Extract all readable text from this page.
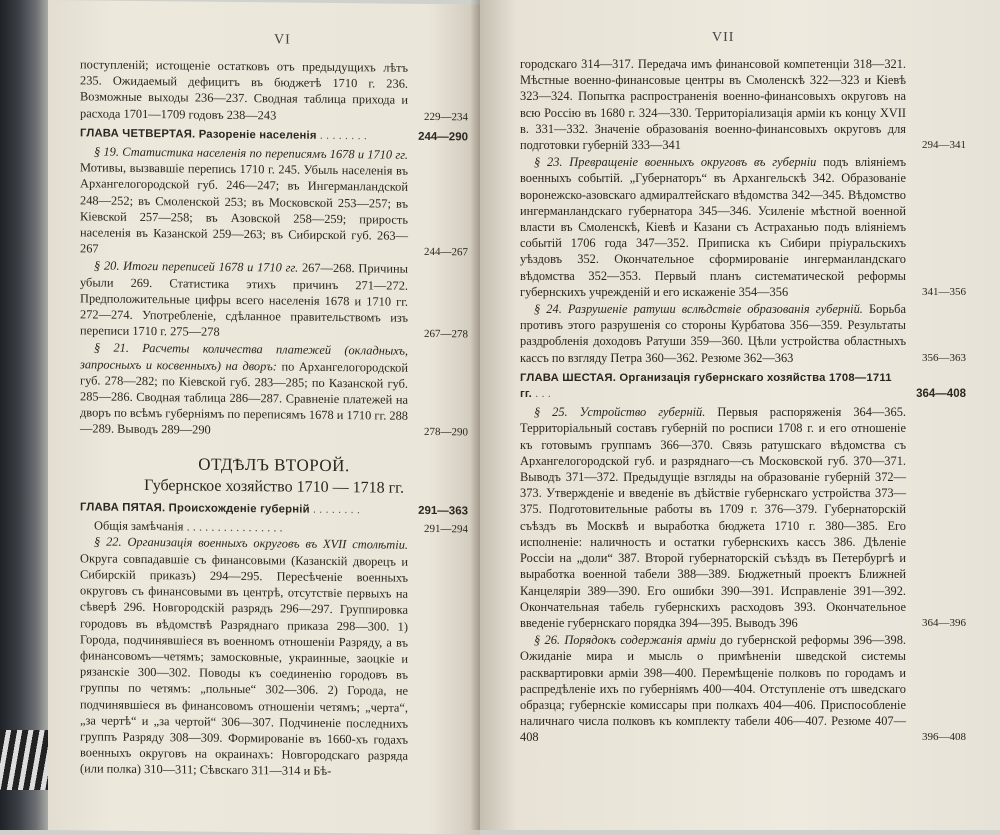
VI
поступленій; истощеніе остатковъ отъ предыдущихъ лѣтъ 235. Ожидаемый дефицитъ въ бюджетѣ 1710 г. 236. Возможные выходы 236—237. Сводная таблица прихода и расхода 1701—1709 годовъ 238—243	229—234
ГЛАВА ЧЕТВЕРТАЯ. Разореніе населенія . . . . . . . .	244—290
§ 19. Статистика населенія по переписямъ 1678 и 1710 гг. Мотивы, вызвавшіе перепись 1710 г. 245. Убыль населенія въ Архангелогородской губ. 246—247; въ Ингерманландской 248—252; въ Смоленской 253; въ Московской 253—257; въ Кіевской 257—258; въ Азовской 258—259; прирость населенія въ Казанской 259—263; въ Сибирской губ. 263—267	244—267
§ 20. Итоги переписей 1678 и 1710 гг. 267—268. Причины убыли 269. Статистика этихъ причинъ 271—272. Предположительные цифры всего населенія 1678 и 1710 гг. 272—274. Употребленіе, сдѣланное правительствомъ изъ переписи 1710 г. 275—278	267—278
§ 21. Расчеты количества платежей (окладныхъ, запросныхъ и косвенныхъ) на дворъ: по Архангелогородской губ. 278—282; по Кіевской губ. 283—285; по Казанской губ. 285—286. Сводная таблица 286—287. Сравненіе платежей на дворъ по всѣмъ губерніямъ по переписямъ 1678 и 1710 гг. 288—289. Выводъ 289—290	278—290
ОТДѢЛЪ ВТОРОЙ.
Губернское хозяйство 1710 — 1718 гг.
ГЛАВА ПЯТАЯ. Происхожденіе губерній . . . . . . . .	291—363
Общія замѣчанія . . . . . . . . . . . . . . . .	291—294
§ 22. Организація военныхъ округовъ въ XVII столѣтіи. Округа совпадавшіе съ финансовыми (Казанскій дворецъ и Сибирскій приказъ) 294—295. Пересѣченіе военныхъ округовъ съ финансовыми въ центрѣ, отсутствіе первыхъ на сѣверѣ 296. Новгородскій разрядъ 296—297. Группировка городовъ въ вѣдомствѣ Разряднаго приказа 298—300. 1) Города, подчинявшіеся въ военномъ отношеніи Разряду, а въ финансовомъ—четямъ; замосковные, украинные, заоцкіе и рязанскіе 300—302. Поводы къ соединенію городовъ въ группы по четямъ: „польные“ 302—306. 2) Города, не подчинявшіеся въ финансовомъ отношеніи четямъ; „черта“, „за чертѣ“ и „за чертой“ 306—307. Подчиненіе последнихъ группъ Разряду 308—309. Формированіе въ 1660-хъ годахъ военныхъ округовъ на окраинахъ: Новгородскаго разряда (или полка) 310—311; Сѣвскаго 311—314 и Бѣ-
VII
городскаго 314—317. Передача имъ финансовой компетенціи 318—321. Мѣстные военно-финансовые центры въ Смоленскѣ 322—323 и Кіевѣ 323—324. Попытка распространенія военно-финансовыхъ округовъ на всю Россію въ 1680 г. 324—330. Территоріализація арміи къ концу XVII в. 331—332. Значеніе образованія военно-финансовыхъ округовъ для подготовки губерній 333—341	294—341
§ 23. Превращеніе военныхъ округовъ въ губерніи подъ вліяніемъ военныхъ событій. „Губернаторъ“ въ Архангельскѣ 342. Образованіе воронежско-азовскаго адмиралтейскаго вѣдомства 342—345. Вѣдомство ингерманландскаго губернатора 345—346. Усиленіе мѣстной военной власти въ Смоленскѣ, Кіевѣ и Казани съ Астраханью подъ вліяніемъ событій 1706 года 347—352. Приписка къ Сибири пріуральскихъ уѣздовъ 352. Окончательное сформированіе ингерманландскаго вѣдомства 352—353. Первый планъ систематической реформы губернскихъ учрежденій и его искаженіе 354—356	341—356
§ 24. Разрушеніе ратуши вслѣдствіе образованія губерній. Борьба противъ этого разрушенія со стороны Курбатова 356—359. Результаты раздробленія доходовъ Ратуши 359—360. Цѣли устройства областныхъ кассъ по взгляду Петра 360—362. Резюме 362—363	356—363
ГЛАВА ШЕСТАЯ. Организація губернскаго хозяйства 1708—1711 гг. . . .	364—408
§ 25. Устройство губерній. Первыя распоряженія 364—365. Территоріальный составъ губерній по росписи 1708 г. и его отношеніе къ готовымъ группамъ 366—370. Связь ратушскаго вѣдомства съ Архангелогородской губ. и разряднаго—съ Московской губ. 370—371. Выводъ 371—372. Предыдущіе взгляды на образованіе губерній 372—373. Утвержденіе и введеніе въ дѣйствіе губернскаго устройства 373—375. Подготовительные работы въ 1709 г. 376—379. Губернаторскій съѣздъ въ Москвѣ и выработка бюджета 1710 г. 380—385. Его исполненіе: наличность и остатки губернскихъ кассъ 386. Дѣленіе Россіи на „доли“ 387. Второй губернаторскій съѣздъ въ Петербургѣ и выработка военной табели 388—389. Бюджетный проектъ Ближней Канцеляріи 389—390. Его ошибки 390—391. Исправленіе 391—392. Окончательная табель губернскихъ расходовъ 393. Окончательное введеніе губернскаго порядка 394—395. Выводъ 396	364—396
§ 26. Порядокъ содержанія арміи до губернской реформы 396—398. Ожиданіе мира и мысль о примѣненіи шведской системы расквартировки арміи 398—400. Перемѣщеніе полковъ по городамъ и распредѣленіе ихъ по губерніямъ 400—404. Отступленіе отъ шведскаго образца; губернскіе комиссары при полкахъ 404—406. Приспособленіе наличнаго числа полковъ къ комплекту табели 406—407. Резюме 407—408	396—408
